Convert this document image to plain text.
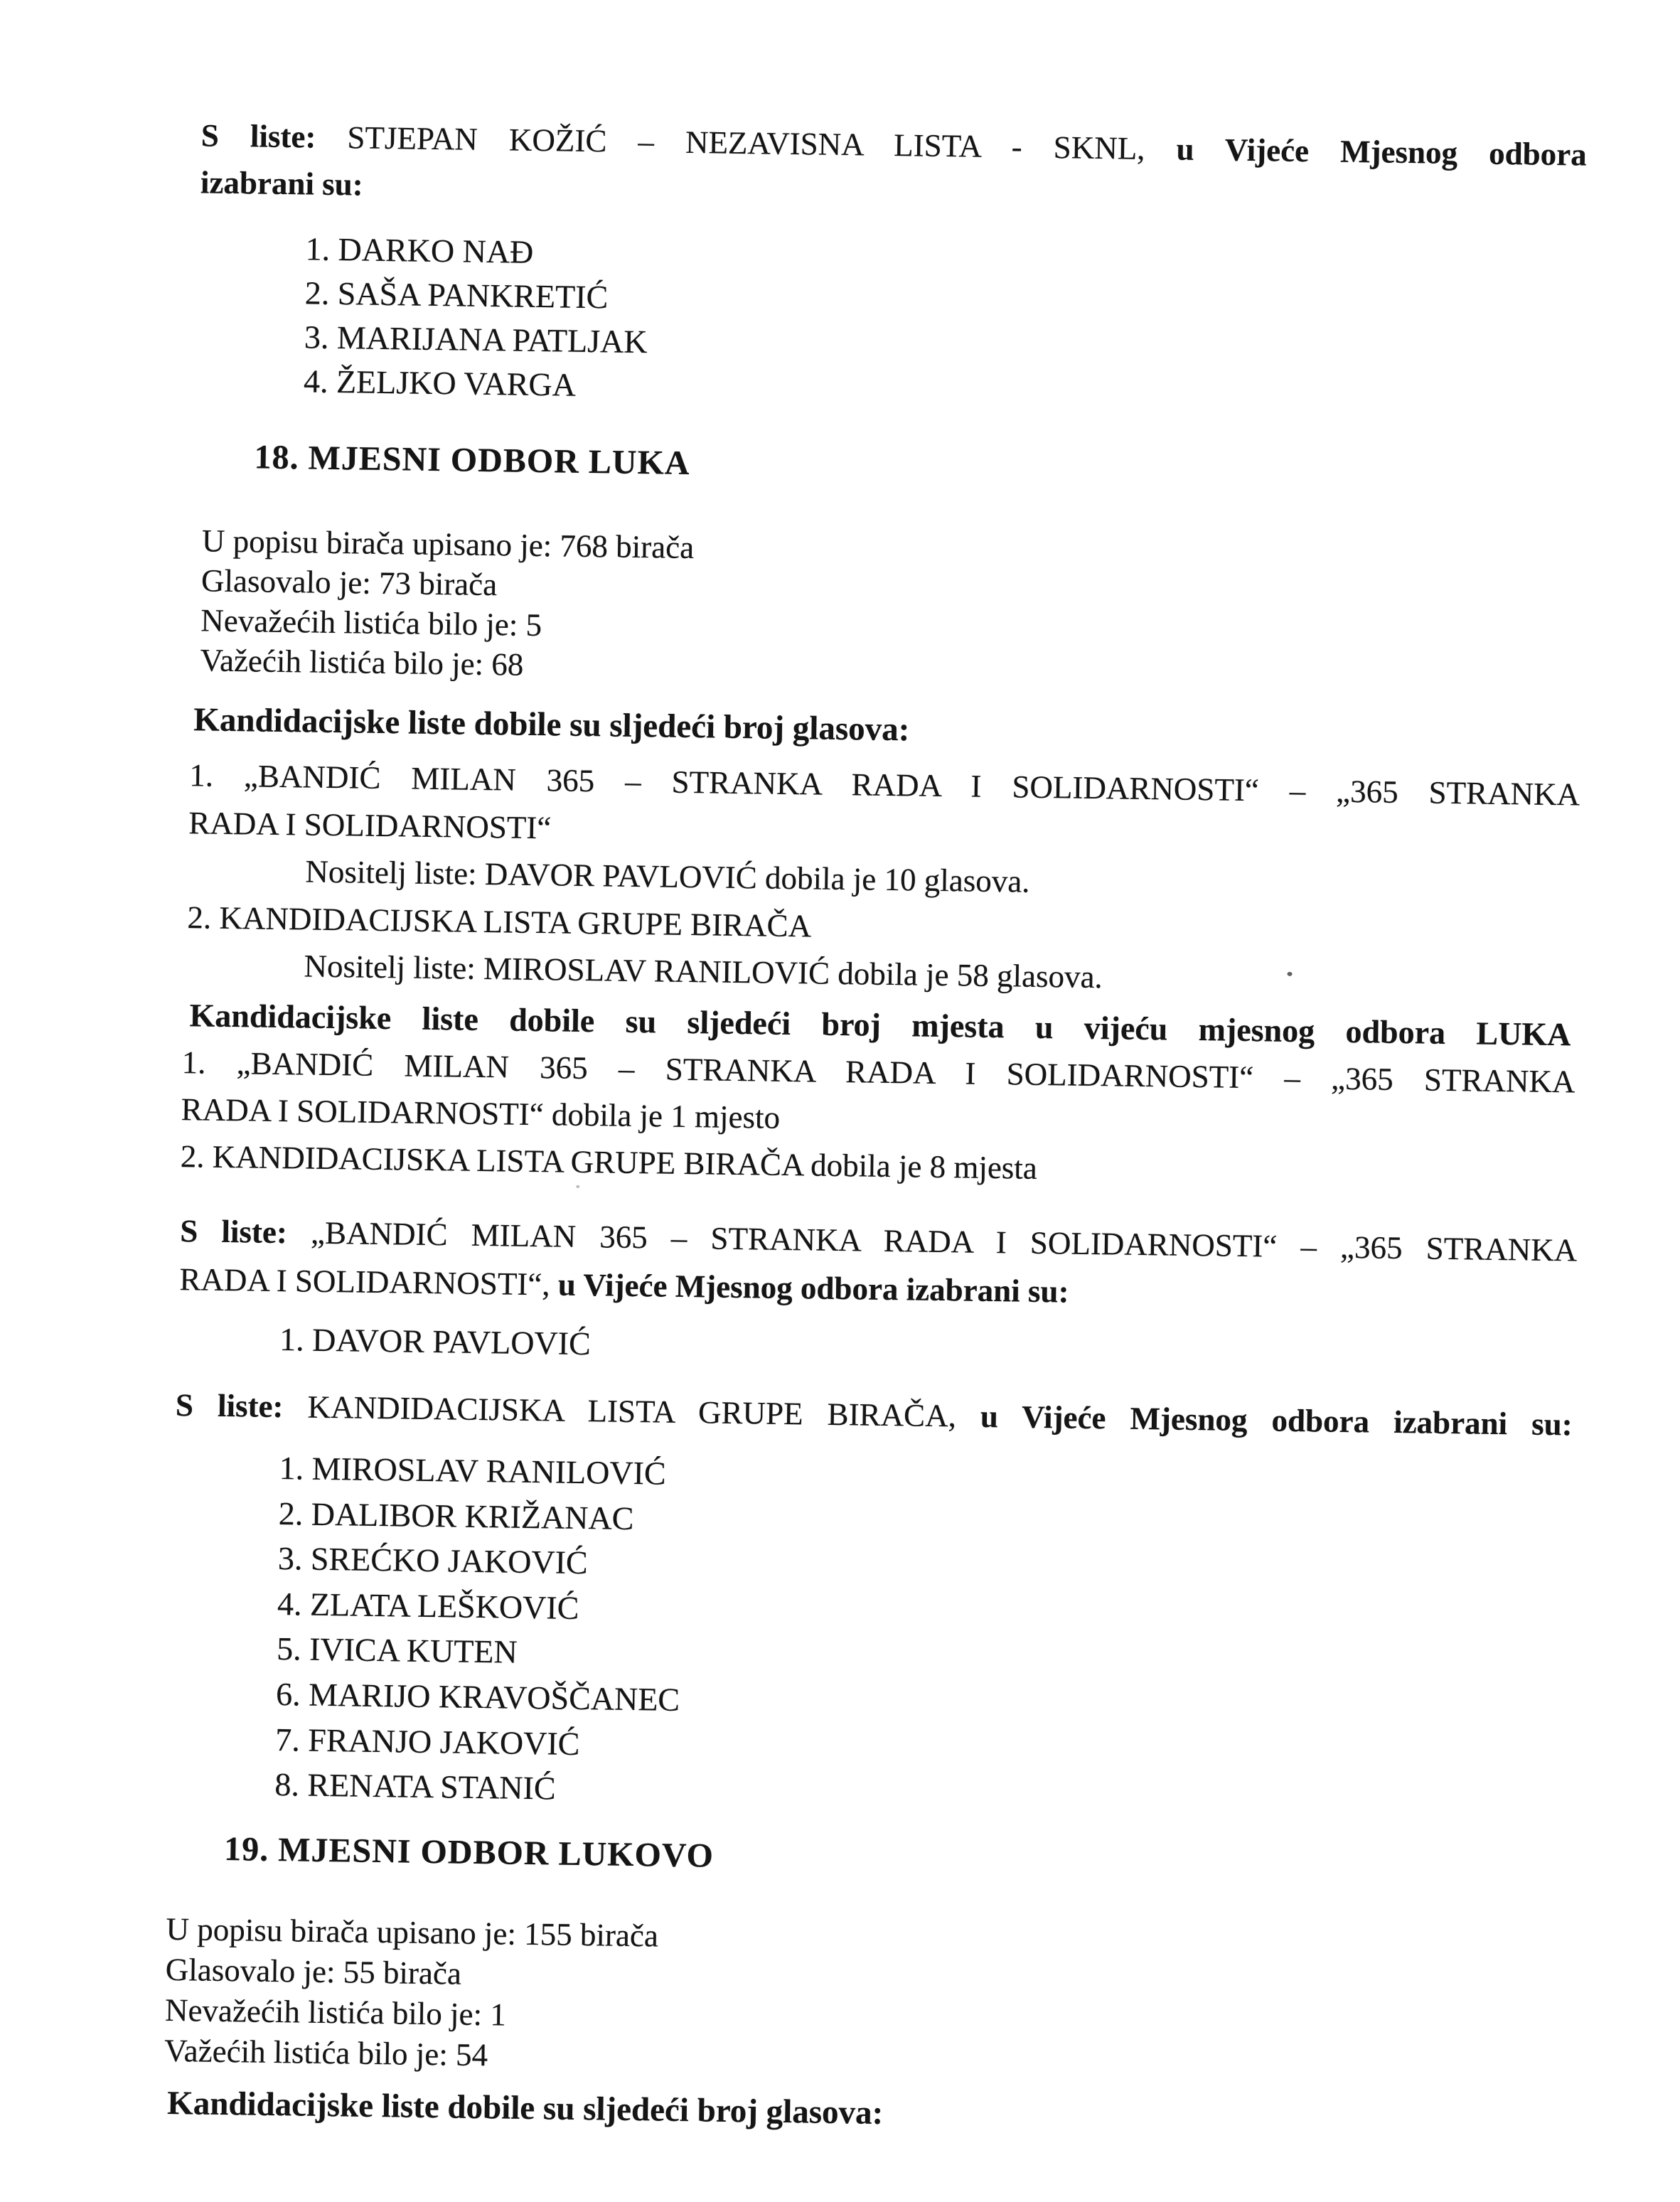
S liste: STJEPAN KOŽIĆ – NEZAVISNA LISTA - SKNL, u Vijeće Mjesnog odbora
izabrani su:
1. DARKO NAĐ
2. SAŠA PANKRETIĆ
3. MARIJANA PATLJAK
4. ŽELJKO VARGA
18. MJESNI ODBOR LUKA
U popisu birača upisano je: 768 birača
Glasovalo je: 73 birača
Nevažećih listića bilo je: 5
Važećih listića bilo je: 68
Kandidacijske liste dobile su sljedeći broj glasova:
1. „BANDIĆ MILAN 365 – STRANKA RADA I SOLIDARNOSTI“ – „365 STRANKA
RADA I SOLIDARNOSTI“
Nositelj liste: DAVOR PAVLOVIĆ dobila je 10 glasova.
2. KANDIDACIJSKA LISTA GRUPE BIRAČA
Nositelj liste: MIROSLAV RANILOVIĆ dobila je 58 glasova.
Kandidacijske liste dobile su sljedeći broj mjesta u vijeću mjesnog odbora LUKA
1. „BANDIĆ MILAN 365 – STRANKA RADA I SOLIDARNOSTI“ – „365 STRANKA
RADA I SOLIDARNOSTI“ dobila je 1 mjesto
2. KANDIDACIJSKA LISTA GRUPE BIRAČA dobila je 8 mjesta
S liste: „BANDIĆ MILAN 365 – STRANKA RADA I SOLIDARNOSTI“ – „365 STRANKA
RADA I SOLIDARNOSTI“, u Vijeće Mjesnog odbora izabrani su:
1. DAVOR PAVLOVIĆ
S liste: KANDIDACIJSKA LISTA GRUPE BIRAČA, u Vijeće Mjesnog odbora izabrani su:
1. MIROSLAV RANILOVIĆ
2. DALIBOR KRIŽANAC
3. SREĆKO JAKOVIĆ
4. ZLATA LEŠKOVIĆ
5. IVICA KUTEN
6. MARIJO KRAVOŠČANEC
7. FRANJO JAKOVIĆ
8. RENATA STANIĆ
19. MJESNI ODBOR LUKOVO
U popisu birača upisano je: 155 birača
Glasovalo je: 55 birača
Nevažećih listića bilo je: 1
Važećih listića bilo je: 54
Kandidacijske liste dobile su sljedeći broj glasova:
